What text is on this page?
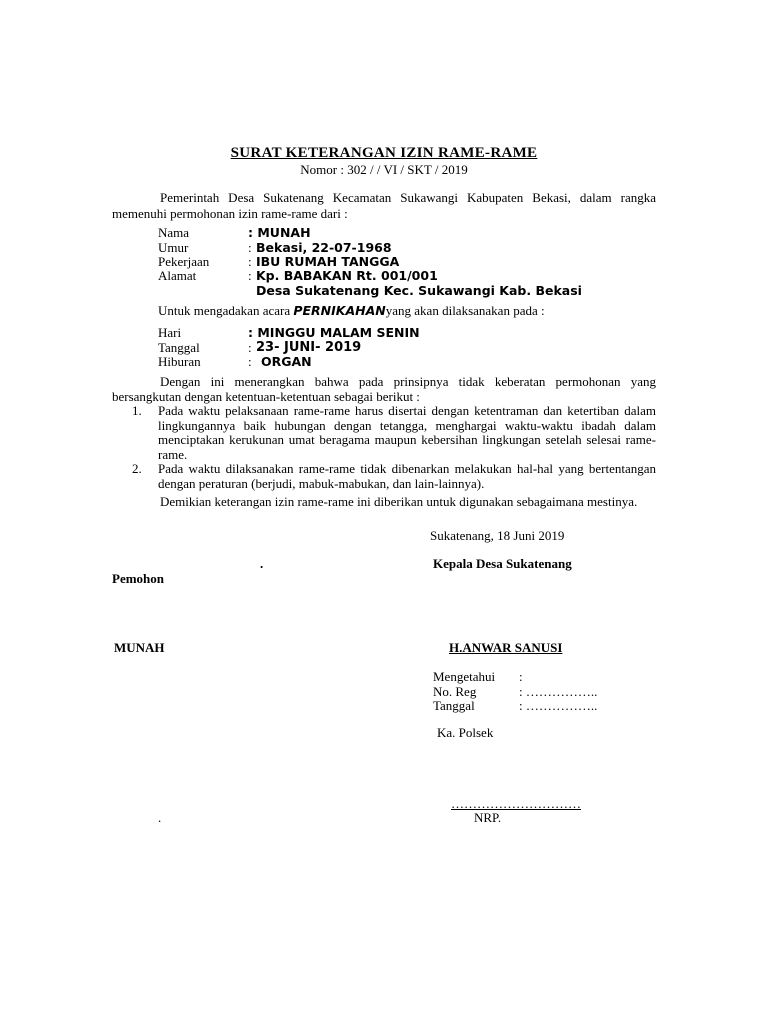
SURAT KETERANGAN IZIN RAME-RAME
Nomor : 302 / / VI / SKT / 2019
Pemerintah Desa Sukatenang Kecamatan Sukawangi Kabupaten Bekasi, dalam rangka memenuhi permohonan izin rame-rame dari :
Nama	: MUNAH
Umur	: Bekasi, 22-07-1968
Pekerjaan	: IBU RUMAH TANGGA
Alamat	: Kp. BABAKAN Rt. 001/001
Desa Sukatenang Kec. Sukawangi Kab. Bekasi
Untuk mengadakan acara PERNIKAHANyang akan dilaksanakan pada :
Hari	: MINGGU MALAM SENIN
Tanggal	: 23- JUNI- 2019
Hiburan	: ORGAN
Dengan ini menerangkan bahwa pada prinsipnya tidak keberatan permohonan yang bersangkutan dengan ketentuan-ketentuan sebagai berikut :
1. Pada waktu pelaksanaan rame-rame harus disertai dengan ketentraman dan ketertiban dalam lingkungannya baik hubungan dengan tetangga, menghargai waktu-waktu ibadah dalam menciptakan kerukunan umat beragama maupun kebersihan lingkungan setelah selesai rame-rame.
2. Pada waktu dilaksanakan rame-rame tidak dibenarkan melakukan hal-hal yang bertentangan dengan peraturan (berjudi, mabuk-mabukan, dan lain-lainnya).
Demikian keterangan izin rame-rame ini diberikan untuk digunakan sebagaimana mestinya.
Sukatenang, 18 Juni 2019
.	Kepala Desa Sukatenang
Pemohon
MUNAH	H.ANWAR SANUSI
Mengetahui :
No. Reg	: ……………..
Tanggal	: ……………..
Ka. Polsek
…………………………
.	NRP.
